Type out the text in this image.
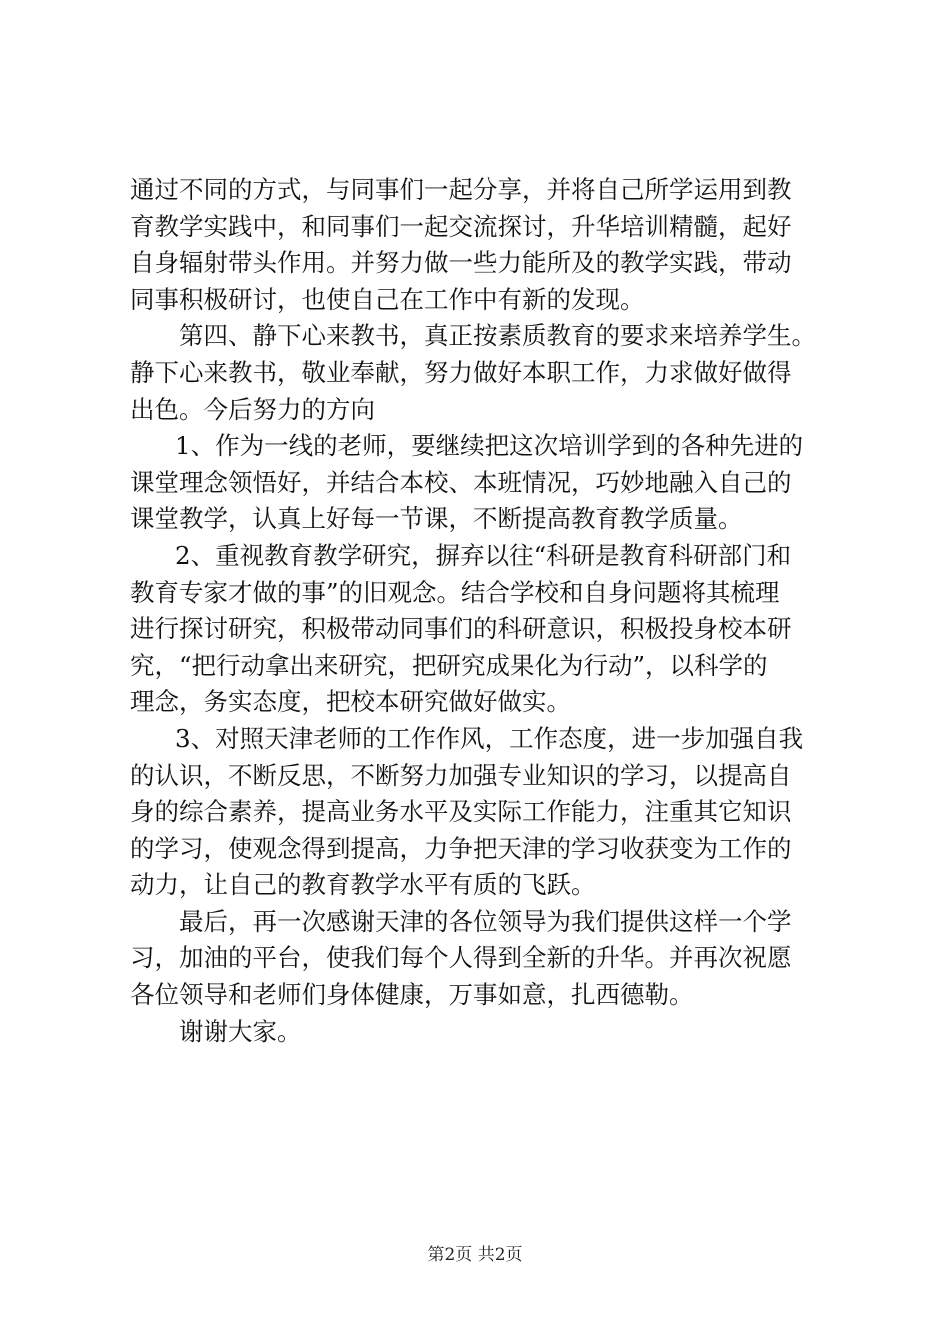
通过不同的方式，与同事们一起分享，并将自己所学运用到教
育教学实践中，和同事们一起交流探讨，升华培训精髓，起好
自身辐射带头作用。并努力做一些力能所及的教学实践，带动
同事积极研讨，也使自己在工作中有新的发现。
第四、静下心来教书，真正按素质教育的要求来培养学生。
静下心来教书，敬业奉献，努力做好本职工作，力求做好做得
出色。今后努力的方向
1、作为一线的老师，要继续把这次培训学到的各种先进的
课堂理念领悟好，并结合本校、本班情况，巧妙地融入自己的
课堂教学，认真上好每一节课，不断提高教育教学质量。
2、重视教育教学研究，摒弃以往“科研是教育科研部门和
教育专家才做的事”的旧观念。结合学校和自身问题将其梳理
进行探讨研究，积极带动同事们的科研意识，积极投身校本研
究，“把行动拿出来研究，把研究成果化为行动”，以科学的
理念，务实态度，把校本研究做好做实。
3、对照天津老师的工作作风，工作态度，进一步加强自我
的认识，不断反思，不断努力加强专业知识的学习，以提高自
身的综合素养，提高业务水平及实际工作能力，注重其它知识
的学习，使观念得到提高，力争把天津的学习收获变为工作的
动力，让自己的教育教学水平有质的飞跃。
最后，再一次感谢天津的各位领导为我们提供这样一个学
习，加油的平台，使我们每个人得到全新的升华。并再次祝愿
各位领导和老师们身体健康，万事如意，扎西德勒。
谢谢大家。
第2页 共2页
